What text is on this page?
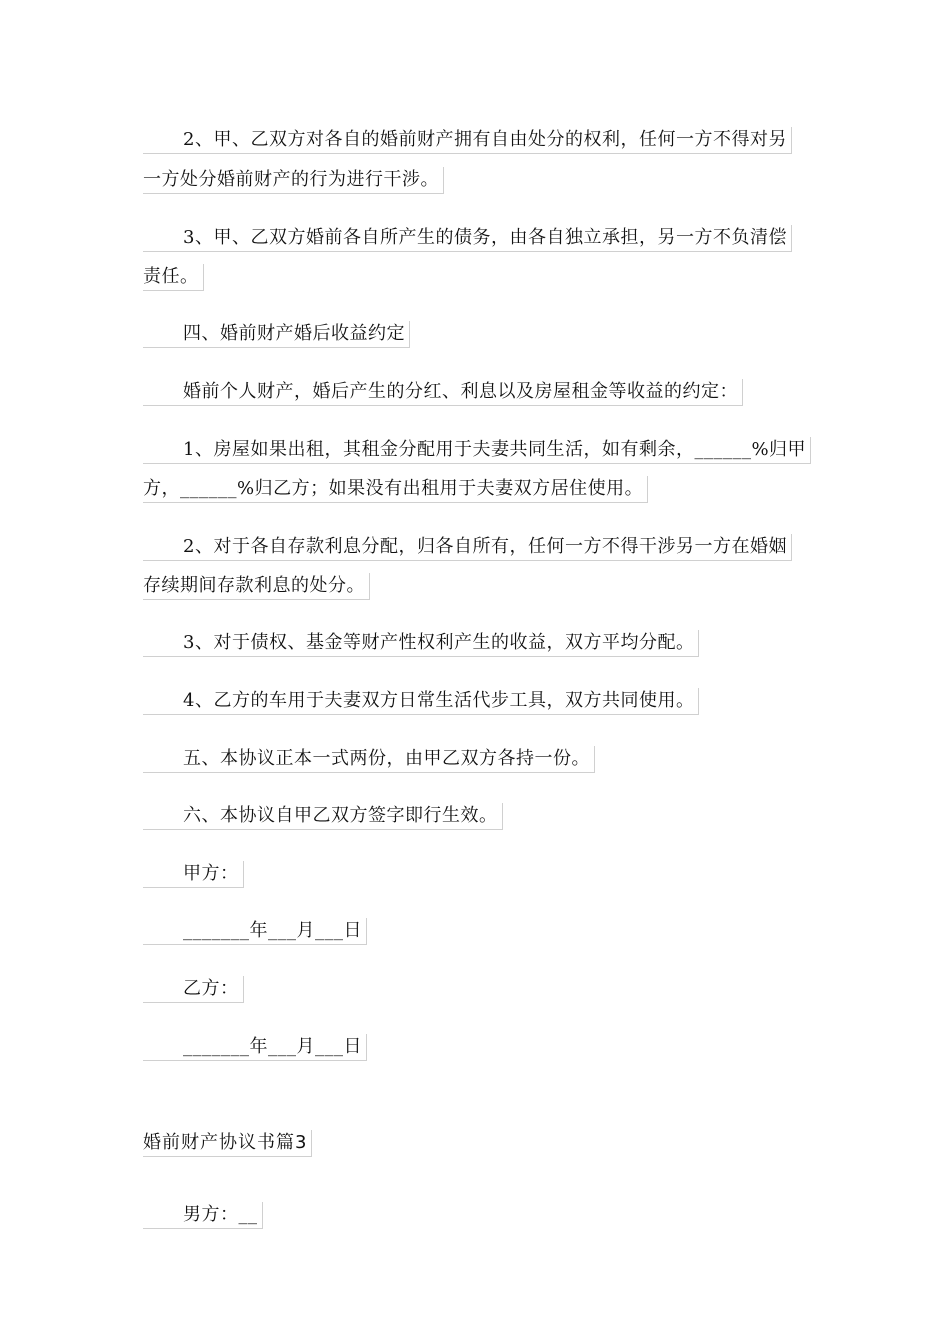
2、甲、乙双方对各自的婚前财产拥有自由处分的权利，任何一方不得对另
一方处分婚前财产的行为进行干涉。
3、甲、乙双方婚前各自所产生的债务，由各自独立承担，另一方不负清偿
责任。
四、婚前财产婚后收益约定
婚前个人财产，婚后产生的分红、利息以及房屋租金等收益的约定：
1、房屋如果出租，其租金分配用于夫妻共同生活，如有剩余，______%归甲
方，______%归乙方；如果没有出租用于夫妻双方居住使用。
2、对于各自存款利息分配，归各自所有，任何一方不得干涉另一方在婚姻
存续期间存款利息的处分。
3、对于债权、基金等财产性权利产生的收益，双方平均分配。
4、乙方的车用于夫妻双方日常生活代步工具，双方共同使用。
五、本协议正本一式两份，由甲乙双方各持一份。
六、本协议自甲乙双方签字即行生效。
甲方：
_______年___月___日
乙方：
_______年___月___日
婚前财产协议书篇3
男方：__
